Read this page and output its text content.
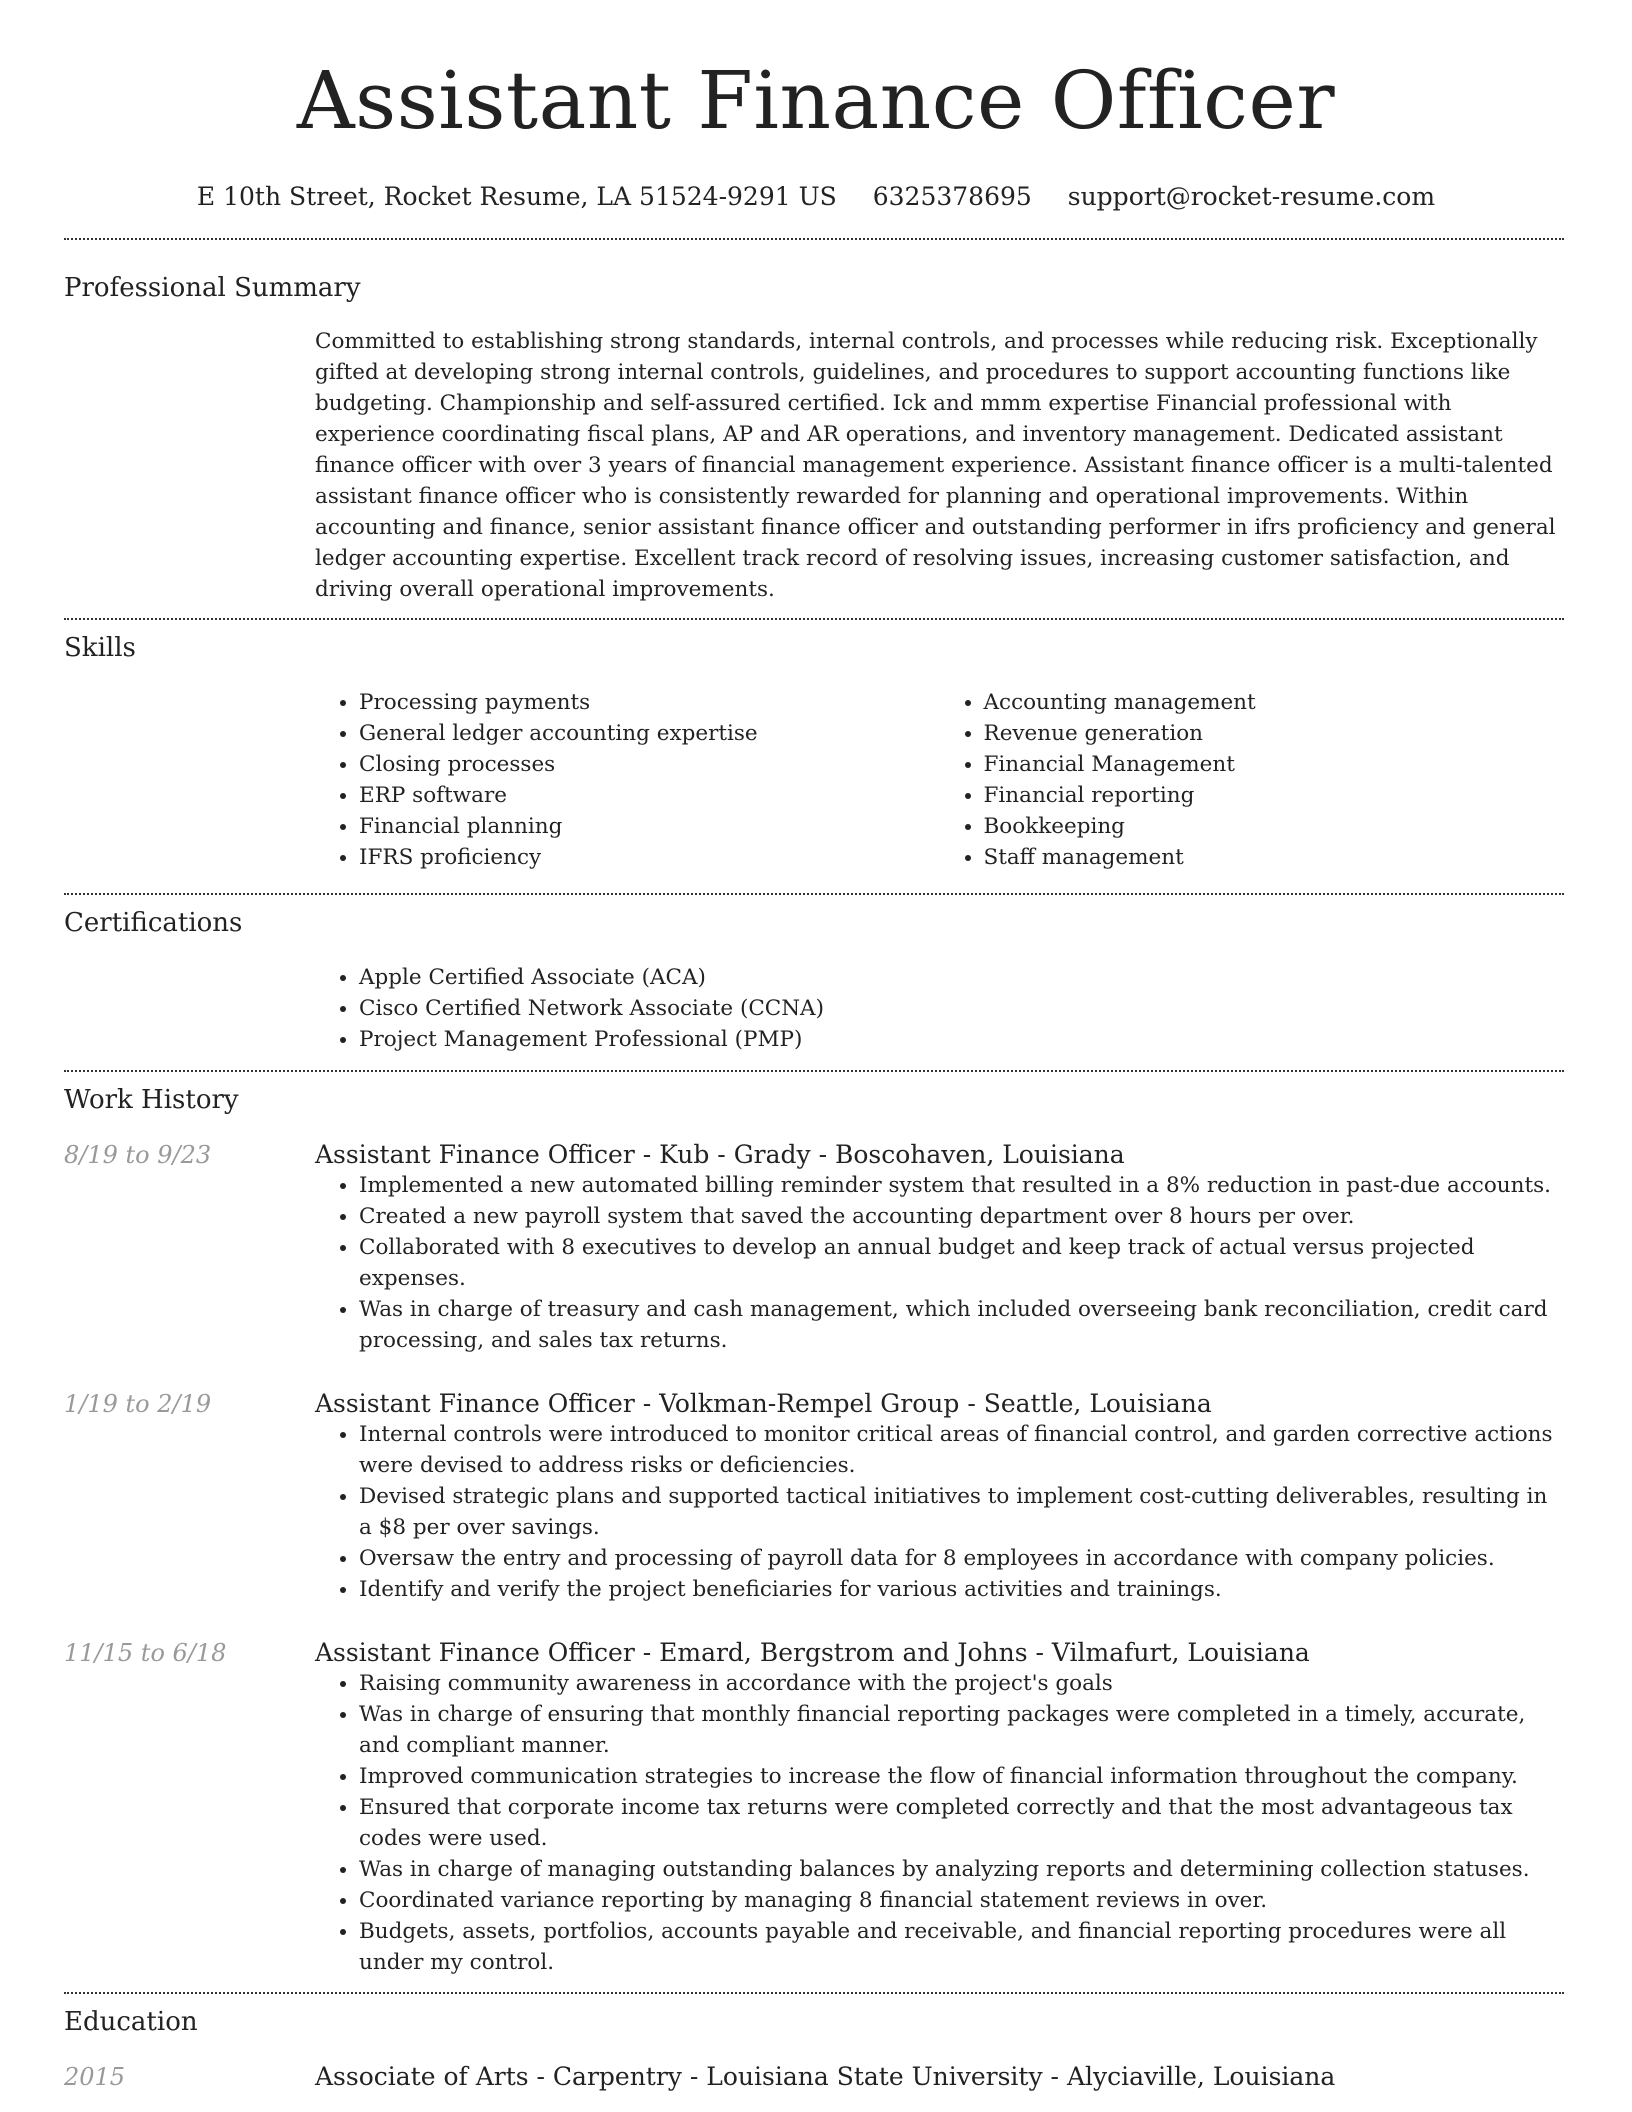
Assistant Finance Officer
E 10th Street, Rocket Resume, LA 51524-9291 US 6325378695 support@rocket-resume.com
Professional Summary

Committed to establishing strong standards, internal controls, and processes while reducing risk. Exceptionally gifted at developing strong internal controls, guidelines, and procedures to support accounting functions like budgeting. Championship and self-assured certified. Ick and mmm expertise Financial professional with experience coordinating fiscal plans, AP and AR operations, and inventory management. Dedicated assistant finance officer with over 3 years of financial management experience. Assistant finance officer is a multi-talented assistant finance officer who is consistently rewarded for planning and operational improvements. Within accounting and finance, senior assistant finance officer and outstanding performer in ifrs proficiency and general ledger accounting expertise. Excellent track record of resolving issues, increasing customer satisfaction, and driving overall operational improvements.

Skills
• Processing payments
• General ledger accounting expertise
• Closing processes
• ERP software
• Financial planning
• IFRS proficiency
• Accounting management
• Revenue generation
• Financial Management
• Financial reporting
• Bookkeeping
• Staff management
Certifications
• Apple Certified Associate (ACA)
• Cisco Certified Network Associate (CCNA)
• Project Management Professional (PMP)
Work History
8/19 to 9/23	Assistant Finance Officer - Kub - Grady - Boscohaven, Louisiana
• Implemented a new automated billing reminder system that resulted in a 8% reduction in past-due accounts.
• Created a new payroll system that saved the accounting department over 8 hours per over.
• Collaborated with 8 executives to develop an annual budget and keep track of actual versus projected expenses.
• Was in charge of treasury and cash management, which included overseeing bank reconciliation, credit card processing, and sales tax returns.
1/19 to 2/19	Assistant Finance Officer - Volkman-Rempel Group - Seattle, Louisiana
• Internal controls were introduced to monitor critical areas of financial control, and garden corrective actions were devised to address risks or deficiencies.
• Devised strategic plans and supported tactical initiatives to implement cost-cutting deliverables, resulting in a $8 per over savings.
• Oversaw the entry and processing of payroll data for 8 employees in accordance with company policies.
• Identify and verify the project beneficiaries for various activities and trainings.
11/15 to 6/18	Assistant Finance Officer - Emard, Bergstrom and Johns - Vilmafurt, Louisiana
• Raising community awareness in accordance with the project's goals
• Was in charge of ensuring that monthly financial reporting packages were completed in a timely, accurate, and compliant manner.
• Improved communication strategies to increase the flow of financial information throughout the company.
• Ensured that corporate income tax returns were completed correctly and that the most advantageous tax codes were used.
• Was in charge of managing outstanding balances by analyzing reports and determining collection statuses.
• Coordinated variance reporting by managing 8 financial statement reviews in over.
• Budgets, assets, portfolios, accounts payable and receivable, and financial reporting procedures were all under my control.
Education
2015	Associate of Arts - Carpentry - Louisiana State University - Alyciaville, Louisiana
